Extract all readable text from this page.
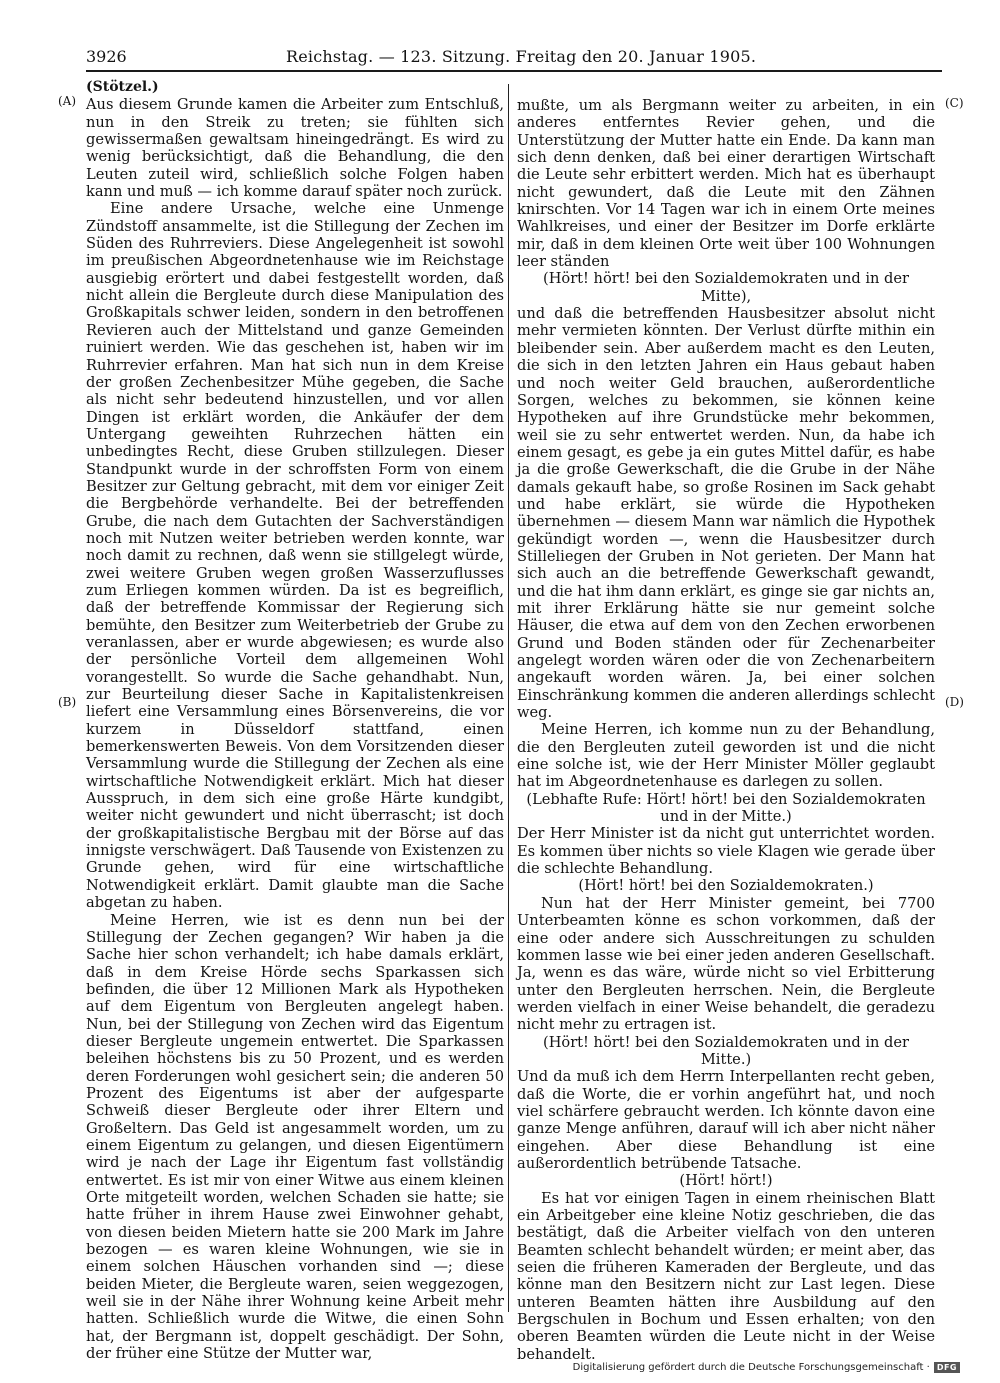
3926	Reichstag. — 123. Sitzung. Freitag den 20. Januar 1905.
(A)
(B)
(C)
(D)

(Stötzel.)

Aus diesem Grunde kamen die Arbeiter zum Entschluß, nun in den Streik zu treten; sie fühlten sich gewissermaßen gewaltsam hineingedrängt. Es wird zu wenig berücksichtigt, daß die Behandlung, die den Leuten zuteil wird, schließlich solche Folgen haben kann und muß — ich komme darauf später noch zurück.

Eine andere Ursache, welche eine Unmenge Zündstoff ansammelte, ist die Stillegung der Zechen im Süden des Ruhrreviers. Diese Angelegenheit ist sowohl im preußischen Abgeordnetenhause wie im Reichstage ausgiebig erörtert und dabei festgestellt worden, daß nicht allein die Bergleute durch diese Manipulation des Großkapitals schwer leiden, sondern in den betroffenen Revieren auch der Mittelstand und ganze Gemeinden ruiniert werden. Wie das geschehen ist, haben wir im Ruhrrevier erfahren. Man hat sich nun in dem Kreise der großen Zechenbesitzer Mühe gegeben, die Sache als nicht sehr bedeutend hinzustellen, und vor allen Dingen ist erklärt worden, die Ankäufer der dem Untergang geweihten Ruhrzechen hätten ein unbedingtes Recht, diese Gruben stillzulegen. Dieser Standpunkt wurde in der schroffsten Form von einem Besitzer zur Geltung gebracht, mit dem vor einiger Zeit die Bergbehörde verhandelte. Bei der betreffenden Grube, die nach dem Gutachten der Sachverständigen noch mit Nutzen weiter betrieben werden konnte, war noch damit zu rechnen, daß wenn sie stillgelegt würde, zwei weitere Gruben wegen großen Wasserzuflusses zum Erliegen kommen würden. Da ist es begreiflich, daß der betreffende Kommissar der Regierung sich bemühte, den Besitzer zum Weiterbetrieb der Grube zu veranlassen, aber er wurde abgewiesen; es wurde also der persönliche Vorteil dem allgemeinen Wohl vorangestellt. So wurde die Sache gehandhabt. Nun, zur Beurteilung dieser Sache in Kapitalistenkreisen liefert eine Versammlung eines Börsenvereins, die vor kurzem in Düsseldorf stattfand, einen bemerkenswerten Beweis. Von dem Vorsitzenden dieser Versammlung wurde die Stillegung der Zechen als eine wirtschaftliche Notwendigkeit erklärt. Mich hat dieser Ausspruch, in dem sich eine große Härte kundgibt, weiter nicht gewundert und nicht überrascht; ist doch der großkapitalistische Bergbau mit der Börse auf das innigste verschwägert. Daß Tausende von Existenzen zu Grunde gehen, wird für eine wirtschaftliche Notwendigkeit erklärt. Damit glaubte man die Sache abgetan zu haben.

Meine Herren, wie ist es denn nun bei der Stillegung der Zechen gegangen? Wir haben ja die Sache hier schon verhandelt; ich habe damals erklärt, daß in dem Kreise Hörde sechs Sparkassen sich befinden, die über 12 Millionen Mark als Hypotheken auf dem Eigentum von Bergleuten angelegt haben. Nun, bei der Stillegung von Zechen wird das Eigentum dieser Bergleute ungemein entwertet. Die Sparkassen beleihen höchstens bis zu 50 Prozent, und es werden deren Forderungen wohl gesichert sein; die anderen 50 Prozent des Eigentums ist aber der aufgesparte Schweiß dieser Bergleute oder ihrer Eltern und Großeltern. Das Geld ist angesammelt worden, um zu einem Eigentum zu gelangen, und diesen Eigentümern wird je nach der Lage ihr Eigentum fast vollständig entwertet. Es ist mir von einer Witwe aus einem kleinen Orte mitgeteilt worden, welchen Schaden sie hatte; sie hatte früher in ihrem Hause zwei Einwohner gehabt, von diesen beiden Mietern hatte sie 200 Mark im Jahre bezogen — es waren kleine Wohnungen, wie sie in einem solchen Häuschen vorhanden sind —; diese beiden Mieter, die Bergleute waren, seien weggezogen, weil sie in der Nähe ihrer Wohnung keine Arbeit mehr hatten. Schließlich wurde die Witwe, die einen Sohn hat, der Bergmann ist, doppelt geschädigt. Der Sohn, der früher eine Stütze der Mutter war,

mußte, um als Bergmann weiter zu arbeiten, in ein anderes entferntes Revier gehen, und die Unterstützung der Mutter hatte ein Ende. Da kann man sich denn denken, daß bei einer derartigen Wirtschaft die Leute sehr erbittert werden. Mich hat es überhaupt nicht gewundert, daß die Leute mit den Zähnen knirschten. Vor 14 Tagen war ich in einem Orte meines Wahlkreises, und einer der Besitzer im Dorfe erklärte mir, daß in dem kleinen Orte weit über 100 Wohnungen leer ständen

(Hört! hört! bei den Sozialdemokraten und in der Mitte),

und daß die betreffenden Hausbesitzer absolut nicht mehr vermieten könnten. Der Verlust dürfte mithin ein bleibender sein. Aber außerdem macht es den Leuten, die sich in den letzten Jahren ein Haus gebaut haben und noch weiter Geld brauchen, außerordentliche Sorgen, welches zu bekommen, sie können keine Hypotheken auf ihre Grundstücke mehr bekommen, weil sie zu sehr entwertet werden. Nun, da habe ich einem gesagt, es gebe ja ein gutes Mittel dafür, es habe ja die große Gewerkschaft, die die Grube in der Nähe damals gekauft habe, so große Rosinen im Sack gehabt und habe erklärt, sie würde die Hypotheken übernehmen — diesem Mann war nämlich die Hypothek gekündigt worden —, wenn die Hausbesitzer durch Stilleliegen der Gruben in Not gerieten. Der Mann hat sich auch an die betreffende Gewerkschaft gewandt, und die hat ihm dann erklärt, es ginge sie gar nichts an, mit ihrer Erklärung hätte sie nur gemeint solche Häuser, die etwa auf dem von den Zechen erworbenen Grund und Boden ständen oder für Zechenarbeiter angelegt worden wären oder die von Zechenarbeitern angekauft worden wären. Ja, bei einer solchen Einschränkung kommen die anderen allerdings schlecht weg.

Meine Herren, ich komme nun zu der Behandlung, die den Bergleuten zuteil geworden ist und die nicht eine solche ist, wie der Herr Minister Möller geglaubt hat im Abgeordnetenhause es darlegen zu sollen.

(Lebhafte Rufe: Hört! hört! bei den Sozialdemokraten und in der Mitte.)

Der Herr Minister ist da nicht gut unterrichtet worden. Es kommen über nichts so viele Klagen wie gerade über die schlechte Behandlung.

(Hört! hört! bei den Sozialdemokraten.)

Nun hat der Herr Minister gemeint, bei 7700 Unterbeamten könne es schon vorkommen, daß der eine oder andere sich Ausschreitungen zu schulden kommen lasse wie bei einer jeden anderen Gesellschaft. Ja, wenn es das wäre, würde nicht so viel Erbitterung unter den Bergleuten herrschen. Nein, die Bergleute werden vielfach in einer Weise behandelt, die geradezu nicht mehr zu ertragen ist.

(Hört! hört! bei den Sozialdemokraten und in der Mitte.)

Und da muß ich dem Herrn Interpellanten recht geben, daß die Worte, die er vorhin angeführt hat, und noch viel schärfere gebraucht werden. Ich könnte davon eine ganze Menge anführen, darauf will ich aber nicht näher eingehen. Aber diese Behandlung ist eine außerordentlich betrübende Tatsache.

(Hört! hört!)

Es hat vor einigen Tagen in einem rheinischen Blatt ein Arbeitgeber eine kleine Notiz geschrieben, die das bestätigt, daß die Arbeiter vielfach von den unteren Beamten schlecht behandelt würden; er meint aber, das seien die früheren Kameraden der Bergleute, und das könne man den Besitzern nicht zur Last legen. Diese unteren Beamten hätten ihre Ausbildung auf den Bergschulen in Bochum und Essen erhalten; von den oberen Beamten würden die Leute nicht in der Weise behandelt.

Digitalisierung gefördert durch die Deutsche Forschungsgemeinschaft · DFG
